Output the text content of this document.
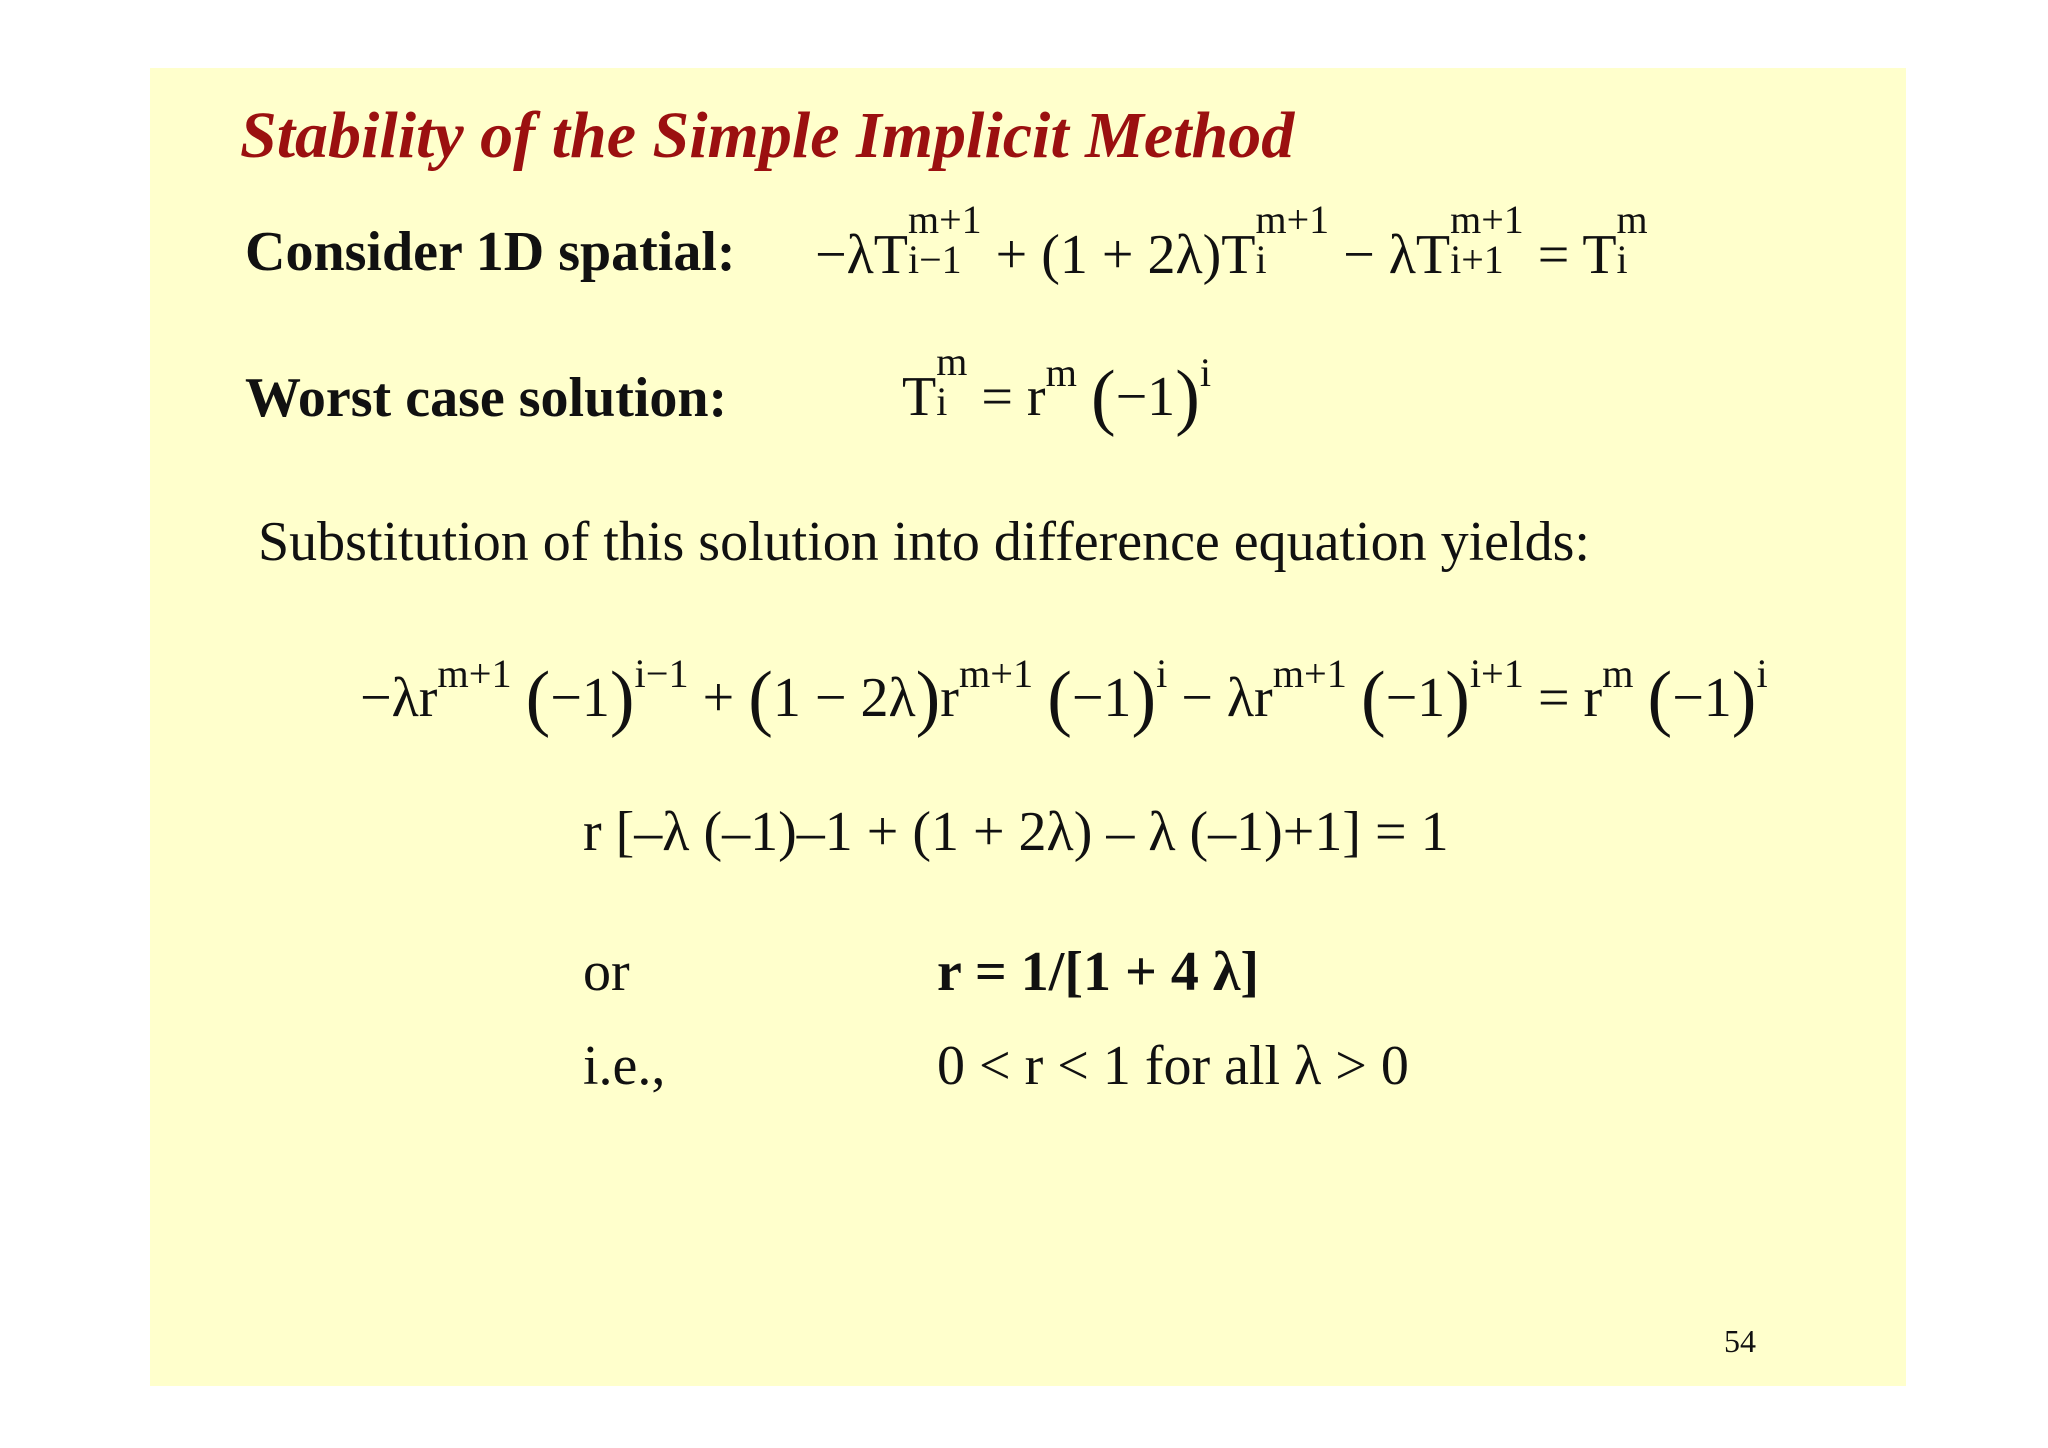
Stability of the Simple Implicit Method
Consider 1D spatial: −λT
m+1
i−1 + (1 + 2λ)T
m+1
i	− λT
m+1
i+1 = T
m
i
Worst case solution:	T
m
$i = r^m$ $(-1)^i$
Substitution of this solution into difference equation yields:
$-\lambda r^{m+1}$ $(-1)^{i-1} + (1 - 2\lambda)r^{m+1}$ $(-1)^i - \lambda r^{m+1}$ $(-1)^{i+1} = r^m$ $(-1)^i$
r [–λ (–1)–1 + (1 + 2λ) – λ (–1)+1] = 1
or	r = 1/[1 + 4 λ]
i.e.,	0 < r < 1 for all λ > 0
54
